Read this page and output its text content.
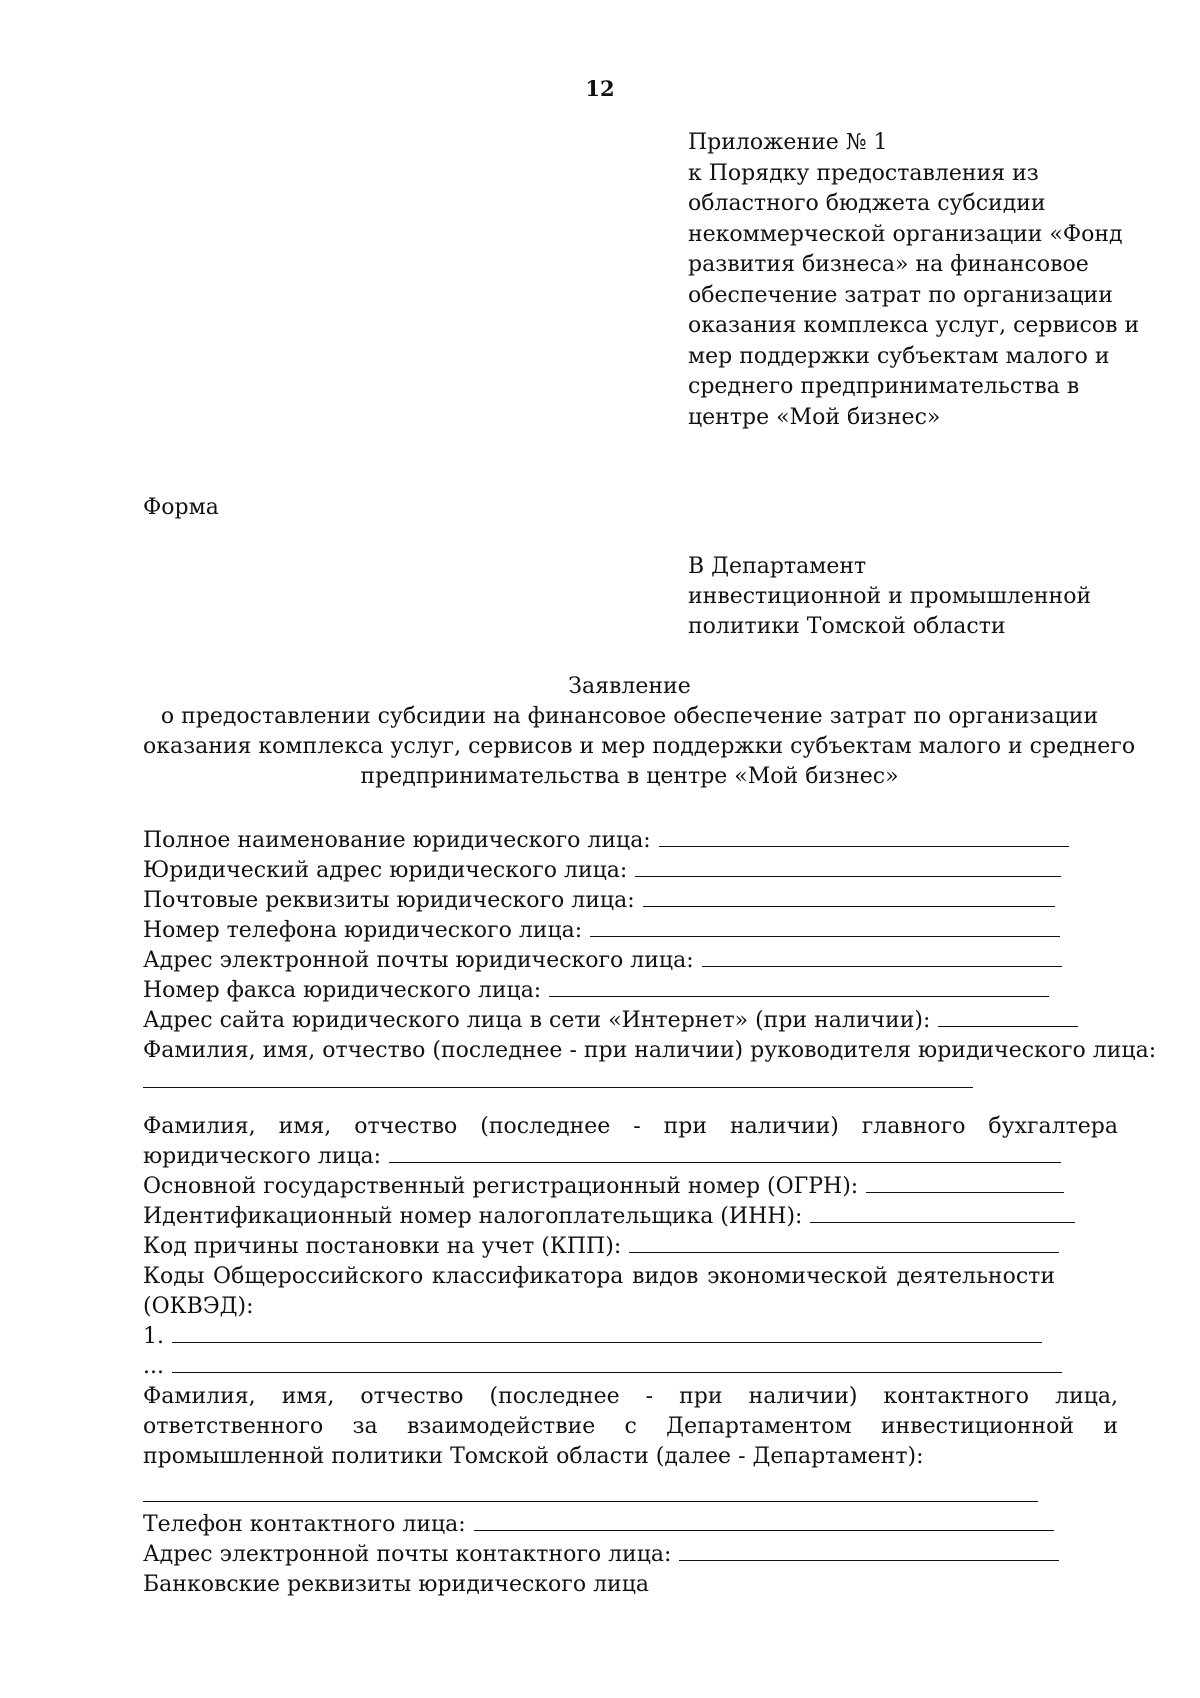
12
Приложение № 1
к Порядку предоставления из
областного бюджета субсидии
некоммерческой организации «Фонд
развития бизнеса» на финансовое
обеспечение затрат по организации
оказания комплекса услуг, сервисов и
мер поддержки субъектам малого и
среднего предпринимательства в
центре «Мой бизнес»
Форма
В Департамент
инвестиционной и промышленной
политики Томской области
Заявление
о предоставлении субсидии на финансовое обеспечение затрат по организации
оказания комплекса услуг, сервисов и мер поддержки субъектам малого и среднего
предпринимательства в центре «Мой бизнес»
Полное наименование юридического лица:
Юридический адрес юридического лица:
Почтовые реквизиты юридического лица:
Номер телефона юридического лица:
Адрес электронной почты юридического лица:
Номер факса юридического лица:
Адрес сайта юридического лица в сети «Интернет» (при наличии):
Фамилия, имя, отчество (последнее - при наличии) руководителя юридического лица:
Фамилия, имя, отчество (последнее - при наличии) главного бухгалтера
юридического лица:
Основной государственный регистрационный номер (ОГРН):
Идентификационный номер налогоплательщика (ИНН):
Код причины постановки на учет (КПП):
Коды Общероссийского классификатора видов экономической деятельности
(ОКВЭД):
1.
...
Фамилия, имя, отчество (последнее - при наличии) контактного лица,
ответственного за взаимодействие с Департаментом инвестиционной и
промышленной политики Томской области (далее - Департамент):
Телефон контактного лица:
Адрес электронной почты контактного лица:
Банковские реквизиты юридического лица
